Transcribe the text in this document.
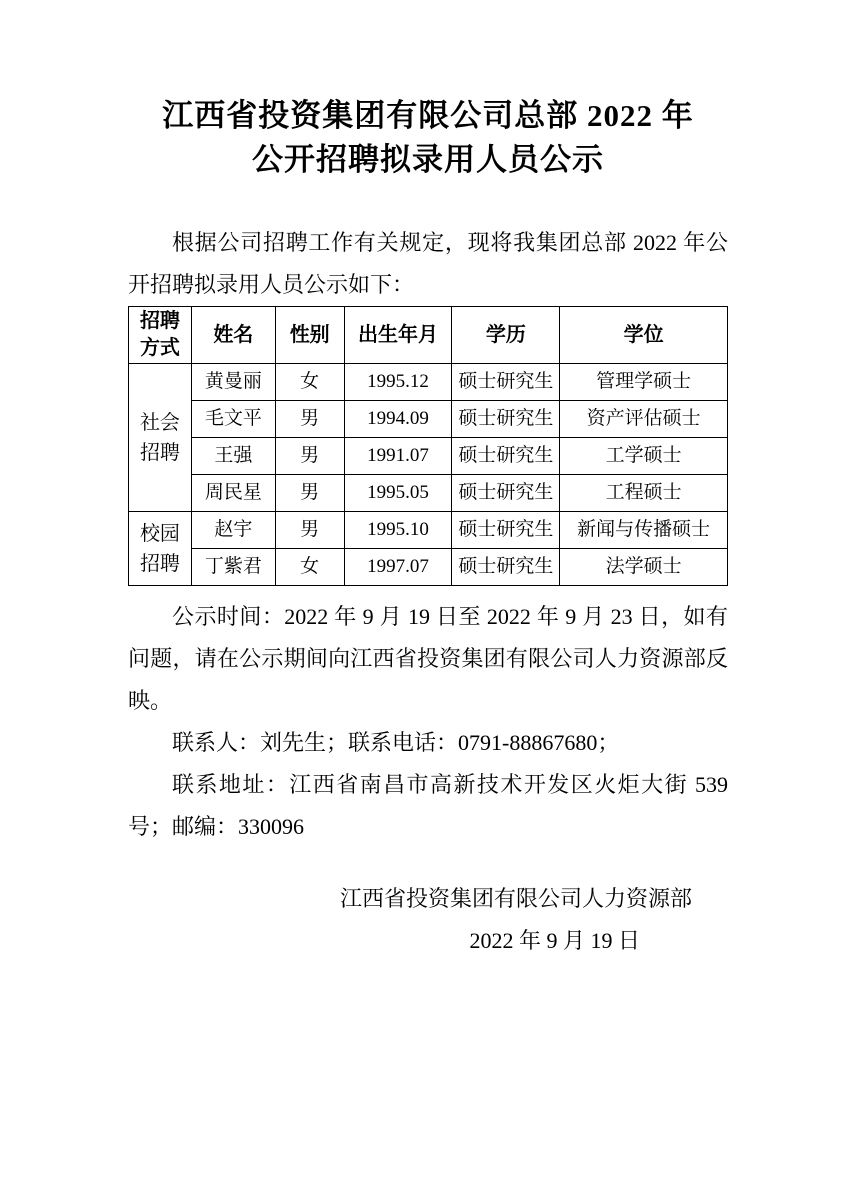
江西省投资集团有限公司总部 2022 年
公开招聘拟录用人员公示

根据公司招聘工作有关规定，现将我集团总部 2022 年公开招聘拟录用人员公示如下：

招聘方式	姓名	性别	出生年月	学历	学位
社会招聘	黄曼丽	女	1995.12	硕士研究生	管理学硕士
	毛文平	男	1994.09	硕士研究生	资产评估硕士
	王强	男	1991.07	硕士研究生	工学硕士
	周民星	男	1995.05	硕士研究生	工程硕士
校园招聘	赵宇	男	1995.10	硕士研究生	新闻与传播硕士
	丁紫君	女	1997.07	硕士研究生	法学硕士

公示时间：2022 年 9 月 19 日至 2022 年 9 月 23 日，如有问题，请在公示期间向江西省投资集团有限公司人力资源部反映。

联系人：刘先生；联系电话：0791-88867680；

联系地址：江西省南昌市高新技术开发区火炬大街 539 号；邮编：330096

江西省投资集团有限公司人力资源部
2022 年 9 月 19 日
